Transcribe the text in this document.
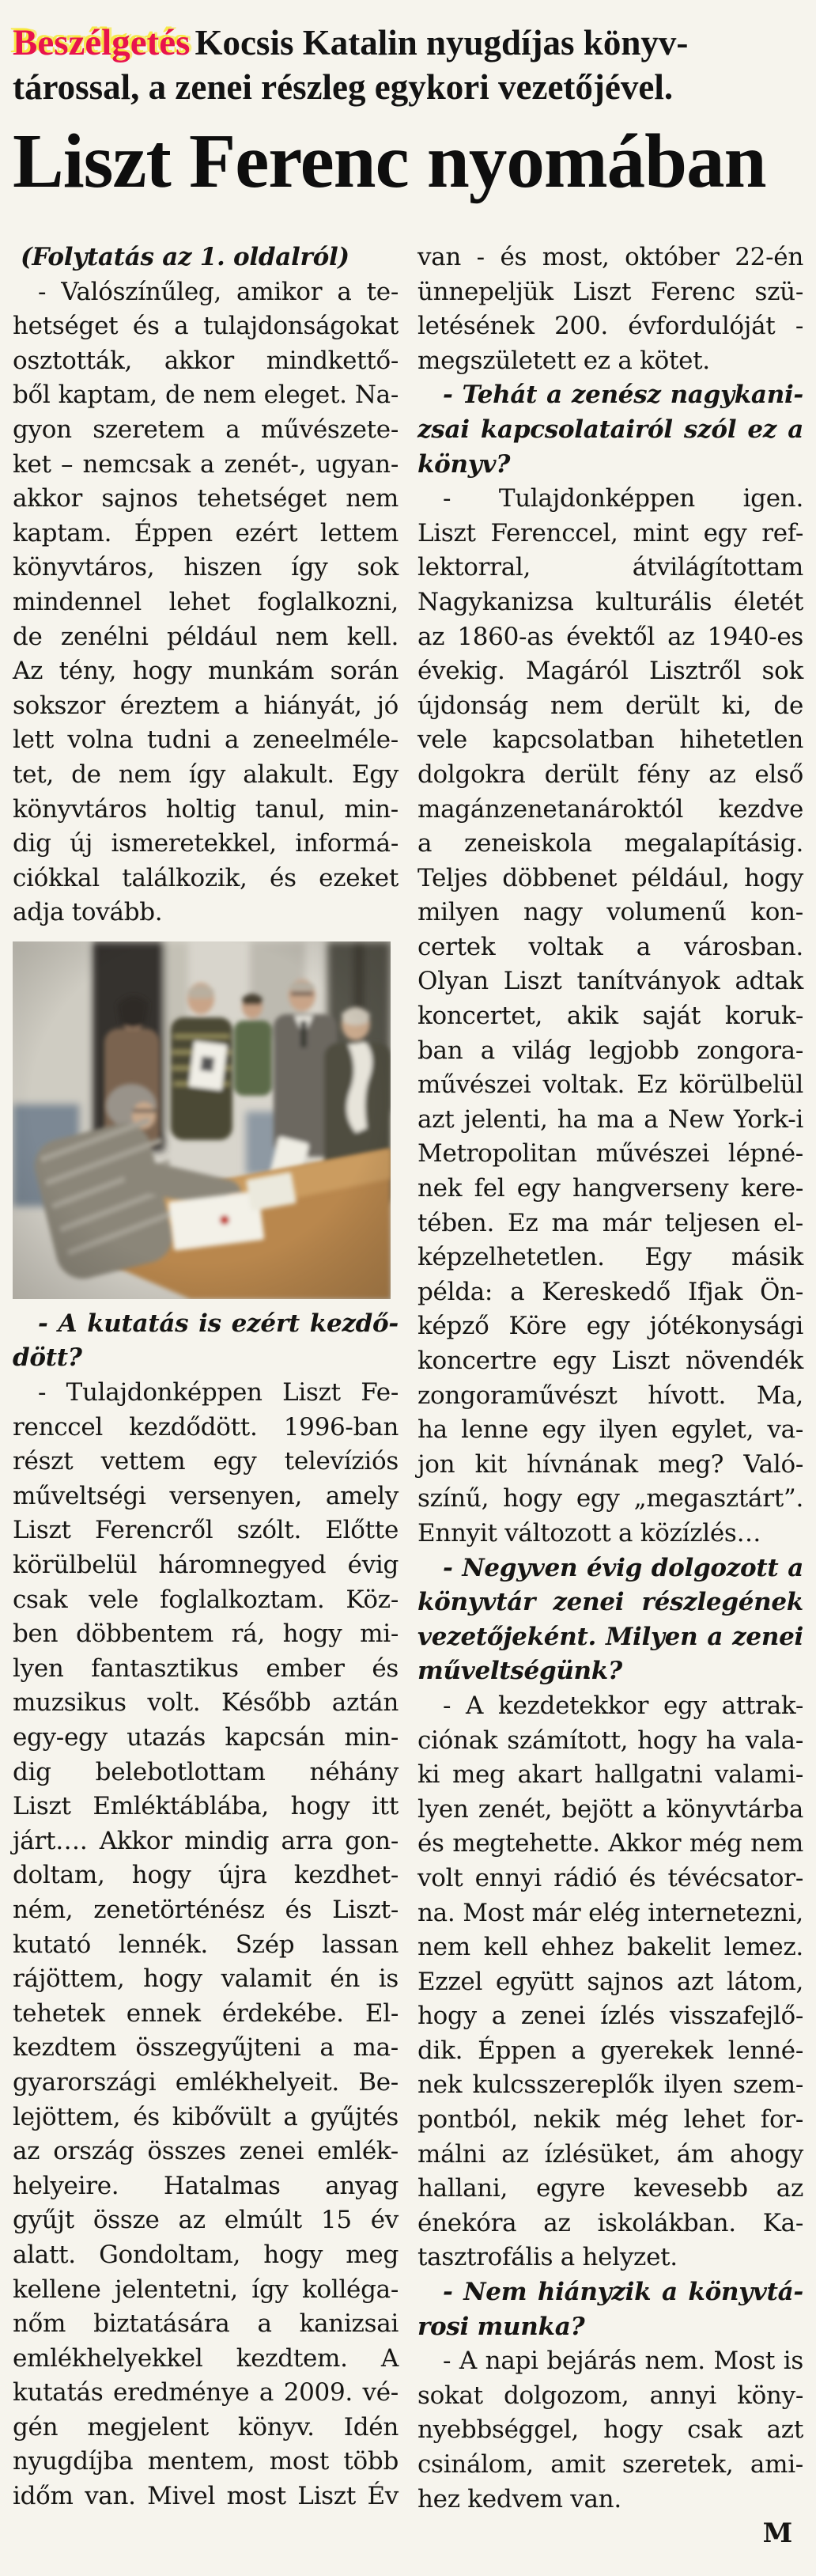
Beszélgetés Kocsis Katalin nyugdíjas könyv-
tárossal, a zenei részleg egykori vezetőjével.
Liszt Ferenc nyomában
(Folytatás az 1. oldalról)
- Valószínűleg, amikor a te-
hetséget és a tulajdonságokat
osztották, akkor mindkettő-
ből kaptam, de nem eleget. Na-
gyon szeretem a művészete-
ket – nemcsak a zenét-, ugyan-
akkor sajnos tehetséget nem
kaptam. Éppen ezért lettem
könyvtáros, hiszen így sok
mindennel lehet foglalkozni,
de zenélni például nem kell.
Az tény, hogy munkám során
sokszor éreztem a hiányát, jó
lett volna tudni a zeneelméle-
tet, de nem így alakult. Egy
könyvtáros holtig tanul, min-
dig új ismeretekkel, informá-
ciókkal találkozik, és ezeket
adja tovább.
- A kutatás is ezért kezdő-
dött?
- Tulajdonképpen Liszt Fe-
renccel kezdődött. 1996-ban
részt vettem egy televíziós
műveltségi versenyen, amely
Liszt Ferencről szólt. Előtte
körülbelül háromnegyed évig
csak vele foglalkoztam. Köz-
ben döbbentem rá, hogy mi-
lyen fantasztikus ember és
muzsikus volt. Később aztán
egy-egy utazás kapcsán min-
dig belebotlottam néhány
Liszt Emléktáblába, hogy itt
járt…. Akkor mindig arra gon-
doltam, hogy újra kezdhet-
ném, zenetörténész és Liszt-
kutató lennék. Szép lassan
rájöttem, hogy valamit én is
tehetek ennek érdekébe. El-
kezdtem összegyűjteni a ma-
gyarországi emlékhelyeit. Be-
lejöttem, és kibővült a gyűjtés
az ország összes zenei emlék-
helyeire. Hatalmas anyag
gyűjt össze az elmúlt 15 év
alatt. Gondoltam, hogy meg
kellene jelentetni, így kolléga-
nőm biztatására a kanizsai
emlékhelyekkel kezdtem. A
kutatás eredménye a 2009. vé-
gén megjelent könyv. Idén
nyugdíjba mentem, most több
időm van. Mivel most Liszt Év
van - és most, október 22-én
ünnepeljük Liszt Ferenc szü-
letésének 200. évfordulóját -
megszületett ez a kötet.
- Tehát a zenész nagykani-
zsai kapcsolatairól szól ez a
könyv?
- Tulajdonképpen igen.
Liszt Ferenccel, mint egy ref-
lektorral, átvilágítottam
Nagykanizsa kulturális életét
az 1860-as évektől az 1940-es
évekig. Magáról Lisztről sok
újdonság nem derült ki, de
vele kapcsolatban hihetetlen
dolgokra derült fény az első
magánzenetanároktól kezdve
a zeneiskola megalapításig.
Teljes döbbenet például, hogy
milyen nagy volumenű kon-
certek voltak a városban.
Olyan Liszt tanítványok adtak
koncertet, akik saját koruk-
ban a világ legjobb zongora-
művészei voltak. Ez körülbelül
azt jelenti, ha ma a New York-i
Metropolitan művészei lépné-
nek fel egy hangverseny kere-
tében. Ez ma már teljesen el-
képzelhetetlen. Egy másik
példa: a Kereskedő Ifjak Ön-
képző Köre egy jótékonysági
koncertre egy Liszt növendék
zongoraművészt hívott. Ma,
ha lenne egy ilyen egylet, va-
jon kit hívnának meg? Való-
színű, hogy egy „megasztárt”.
Ennyit változott a közízlés…
- Negyven évig dolgozott a
könyvtár zenei részlegének
vezetőjeként. Milyen a zenei
műveltségünk?
- A kezdetekkor egy attrak-
ciónak számított, hogy ha vala-
ki meg akart hallgatni valami-
lyen zenét, bejött a könyvtárba
és megtehette. Akkor még nem
volt ennyi rádió és tévécsator-
na. Most már elég internetezni,
nem kell ehhez bakelit lemez.
Ezzel együtt sajnos azt látom,
hogy a zenei ízlés visszafejlő-
dik. Éppen a gyerekek lenné-
nek kulcsszereplők ilyen szem-
pontból, nekik még lehet for-
málni az ízlésüket, ám ahogy
hallani, egyre kevesebb az
énekóra az iskolákban. Ka-
tasztrofális a helyzet.
- Nem hiányzik a könyvtá-
rosi munka?
- A napi bejárás nem. Most is
sokat dolgozom, annyi köny-
nyebbséggel, hogy csak azt
csinálom, amit szeretek, ami-
hez kedvem van.
M
